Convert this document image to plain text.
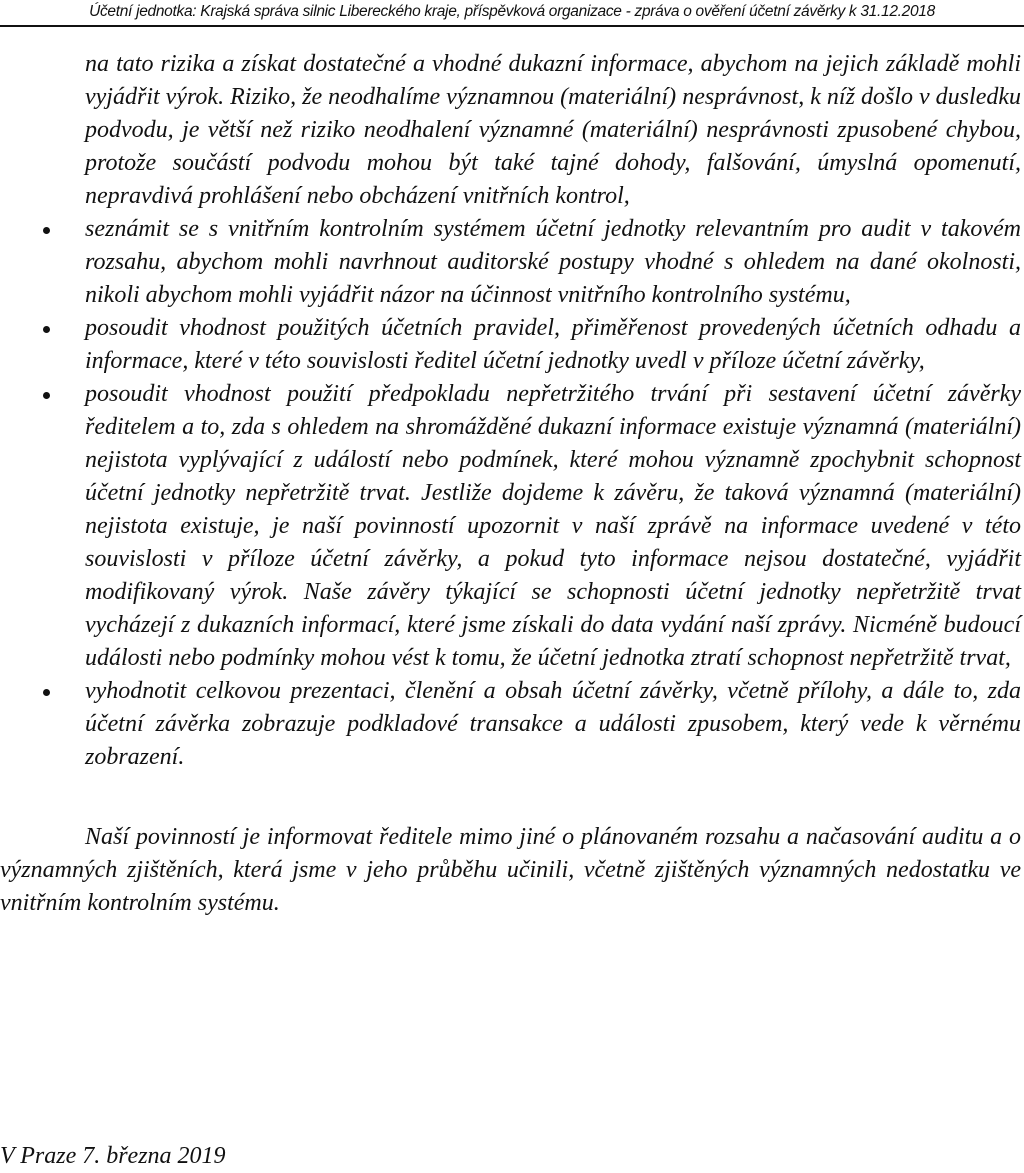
Účetní jednotka: Krajská správa silnic Libereckého kraje, příspěvková organizace - zpráva o ověření účetní závěrky k 31.12.2018

na tato rizika a získat dostatečné a vhodné dukazní informace, abychom na jejich základě mohli vyjádřit výrok. Riziko, že neodhalíme významnou (materiální) nesprávnost, k níž došlo v dusledku podvodu, je větší než riziko neodhalení významné (materiální) nesprávnosti zpusobené chybou, protože součástí podvodu mohou být také tajné dohody, falšování, úmyslná opomenutí, nepravdivá prohlášení nebo obcházení vnitřních kontrol,

seznámit se s vnitřním kontrolním systémem účetní jednotky relevantním pro audit v takovém rozsahu, abychom mohli navrhnout auditorské postupy vhodné s ohledem na dané okolnosti, nikoli abychom mohli vyjádřit názor na účinnost vnitřního kontrolního systému,
posoudit vhodnost použitých účetních pravidel, přiměřenost provedených účetních odhadu a informace, které v této souvislosti ředitel účetní jednotky uvedl v příloze účetní závěrky,
posoudit vhodnost použití předpokladu nepřetržitého trvání při sestavení účetní závěrky ředitelem a to, zda s ohledem na shromážděné dukazní informace existuje významná (materiální) nejistota vyplývající z událostí nebo podmínek, které mohou významně zpochybnit schopnost účetní jednotky nepřetržitě trvat. Jestliže dojdeme k závěru, že taková významná (materiální) nejistota existuje, je naší povinností upozornit v naší zprávě na informace uvedené v této souvislosti v příloze účetní závěrky, a pokud tyto informace nejsou dostatečné, vyjádřit modifikovaný výrok. Naše závěry týkající se schopnosti účetní jednotky nepřetržitě trvat vycházejí z dukazních informací, které jsme získali do data vydání naší zprávy. Nicméně budoucí události nebo podmínky mohou vést k tomu, že účetní jednotka ztratí schopnost nepřetržitě trvat,
vyhodnotit celkovou prezentaci, členění a obsah účetní závěrky, včetně přílohy, a dále to, zda účetní závěrka zobrazuje podkladové transakce a události zpusobem, který vede k věrnému zobrazení.

Naší povinností je informovat ředitele mimo jiné o plánovaném rozsahu a načasování auditu a o významných zjištěních, která jsme v jeho průběhu učinili, včetně zjištěných významných nedostatku ve vnitřním kontrolním systému.

V Praze 7. března 2019
